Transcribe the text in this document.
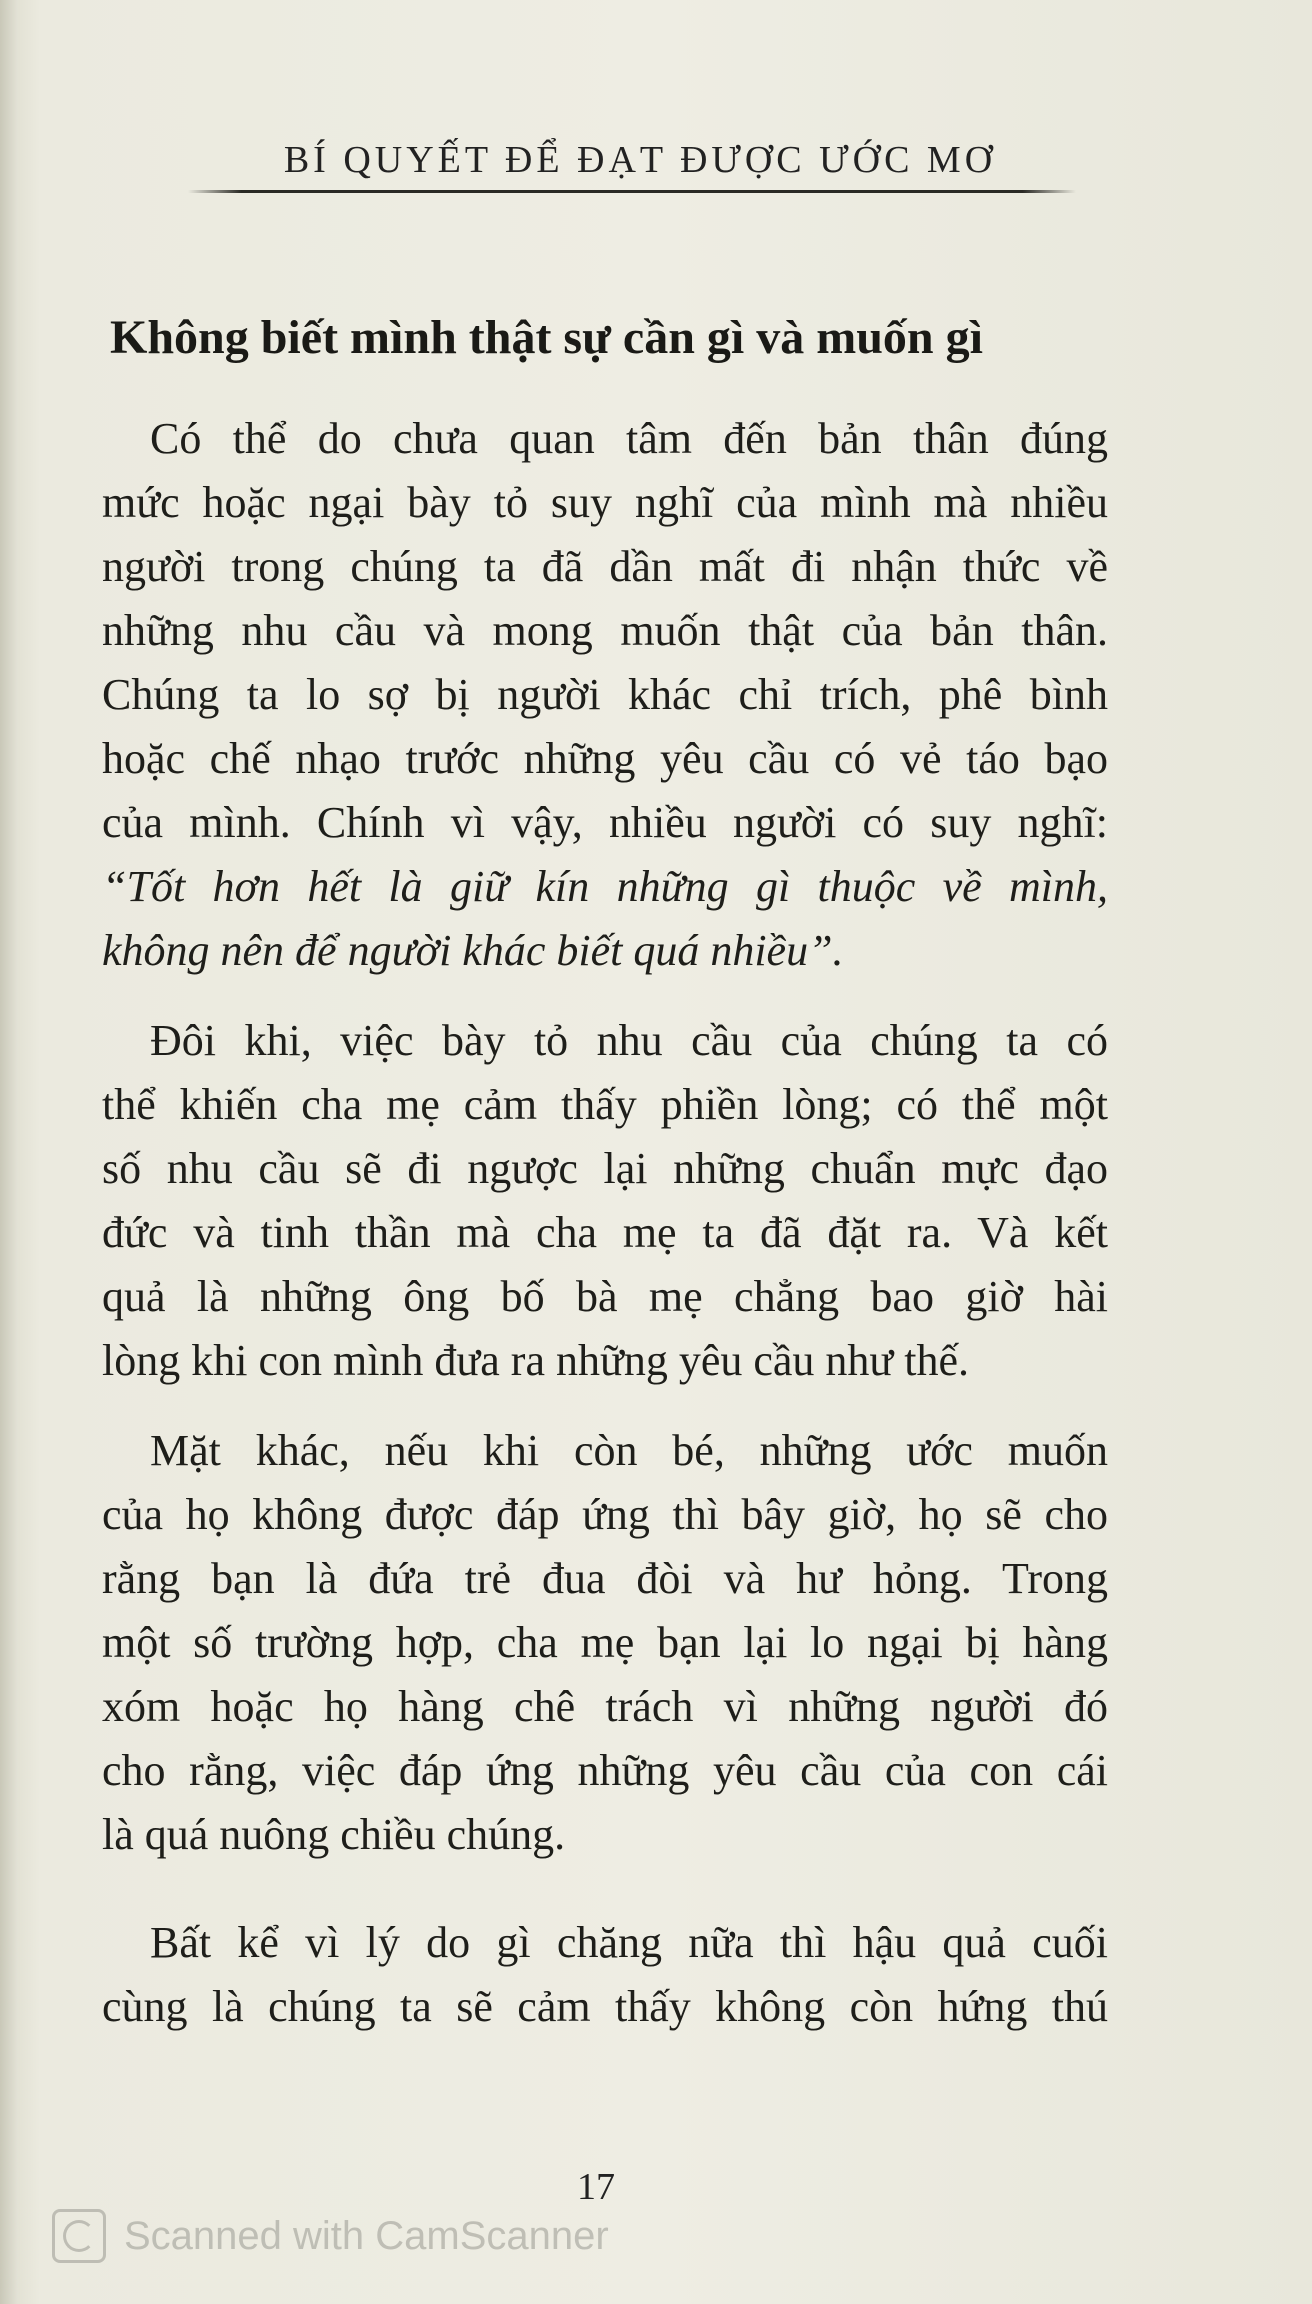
BÍ QUYẾT ĐỂ ĐẠT ĐƯỢC ƯỚC MƠ
Không biết mình thật sự cần gì và muốn gì
Có thể do chưa quan tâm đến bản thân đúng
mức hoặc ngại bày tỏ suy nghĩ của mình mà nhiều
người trong chúng ta đã dần mất đi nhận thức về
những nhu cầu và mong muốn thật của bản thân.
Chúng ta lo sợ bị người khác chỉ trích, phê bình
hoặc chế nhạo trước những yêu cầu có vẻ táo bạo
của mình. Chính vì vậy, nhiều người có suy nghĩ:
“Tốt hơn hết là giữ kín những gì thuộc về mình,
không nên để người khác biết quá nhiều”.
Đôi khi, việc bày tỏ nhu cầu của chúng ta có
thể khiến cha mẹ cảm thấy phiền lòng; có thể một
số nhu cầu sẽ đi ngược lại những chuẩn mực đạo
đức và tinh thần mà cha mẹ ta đã đặt ra. Và kết
quả là những ông bố bà mẹ chẳng bao giờ hài
lòng khi con mình đưa ra những yêu cầu như thế.
Mặt khác, nếu khi còn bé, những ước muốn
của họ không được đáp ứng thì bây giờ, họ sẽ cho
rằng bạn là đứa trẻ đua đòi và hư hỏng. Trong
một số trường hợp, cha mẹ bạn lại lo ngại bị hàng
xóm hoặc họ hàng chê trách vì những người đó
cho rằng, việc đáp ứng những yêu cầu của con cái
là quá nuông chiều chúng.
Bất kể vì lý do gì chăng nữa thì hậu quả cuối
cùng là chúng ta sẽ cảm thấy không còn hứng thú
17
Scanned with CamScanner
